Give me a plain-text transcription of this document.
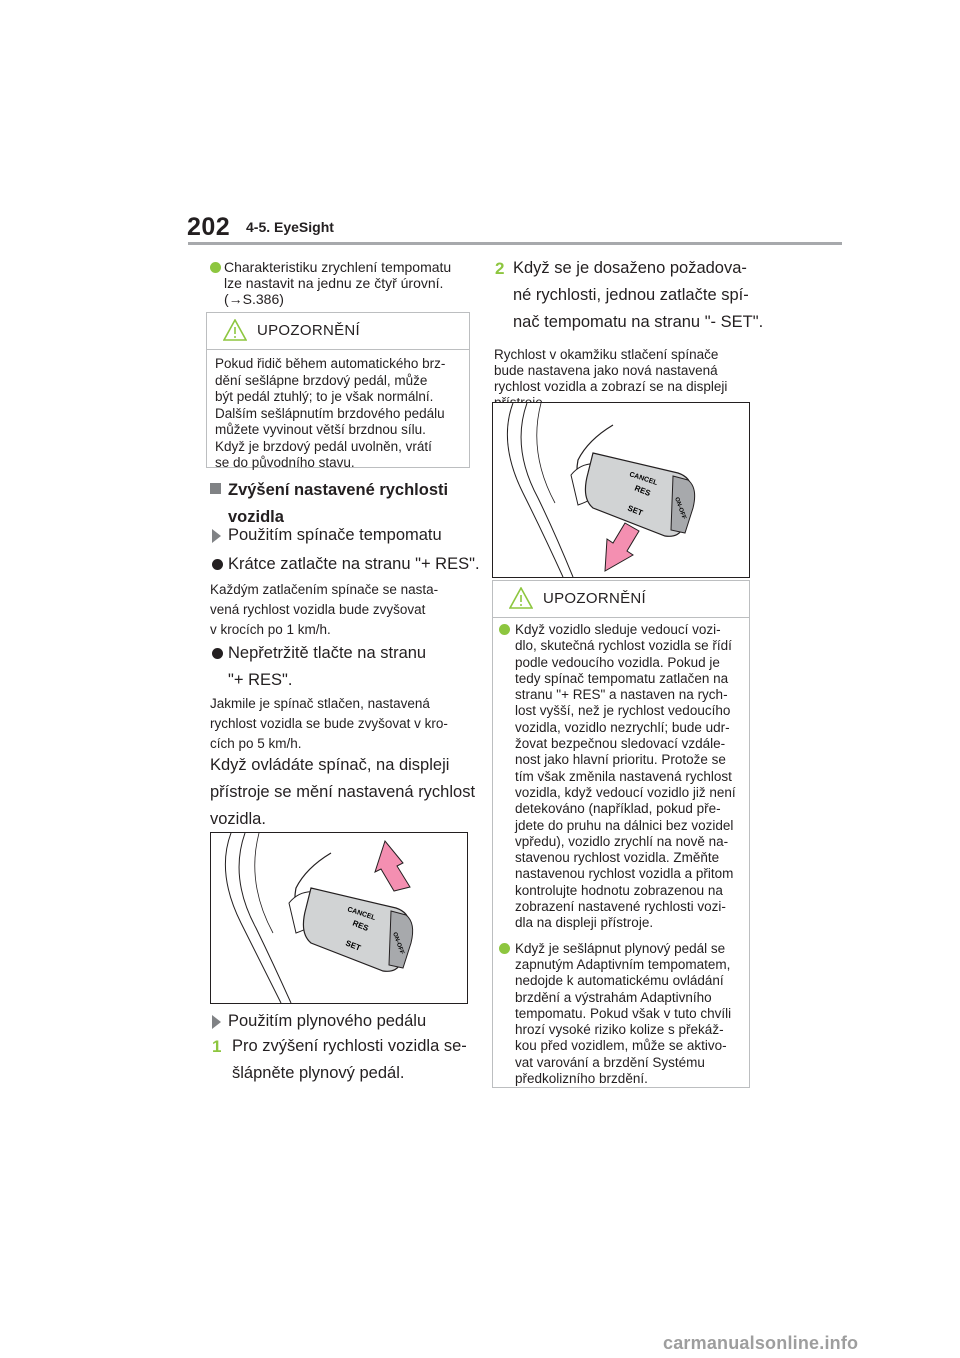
202 4-5. EyeSight
Charakteristiku zrychlení tempomatu lze nastavit na jednu ze čtyř úrovní.
(→S.386)
UPOZORNĚNÍ
Pokud řidič během automatického brz-
dění sešlápne brzdový pedál, může
být pedál ztuhlý; to je však normální.
Dalším sešlápnutím brzdového pedálu
můžete vyvinout větší brzdnou sílu.
Když je brzdový pedál uvolněn, vrátí
se do původního stavu.
Zvýšení nastavené rychlosti vozidla
Použitím spínače tempomatu
Krátce zatlačte na stranu "+ RES".
Každým zatlačením spínače se nasta-
vená rychlost vozidla bude zvyšovat
v krocích po 1 km/h.
Nepřetržitě tlačte na stranu
"+ RES".
Jakmile je spínač stlačen, nastavená
rychlost vozidla se bude zvyšovat v kro-
cích po 5 km/h.
Když ovládáte spínač, na displeji
přístroje se mění nastavená rychlost
vozidla.
CANCEL
RES
SET	ON-OFF
Použitím plynového pedálu
1 Pro zvýšení rychlosti vozidla se-
šlápněte plynový pedál.
2 Když se je dosaženo požadova-
né rychlosti, jednou zatlačte spí-
nač tempomatu na stranu "- SET".
Rychlost v okamžiku stlačení spínače
bude nastavena jako nová nastavená
rychlost vozidla a zobrazí se na displeji
CANCEL
RES
SET	ON-OFF
UPOZORNĚNÍ
Když vozidlo sleduje vedoucí vozi-
dlo, skutečná rychlost vozidla se řídí
podle vedoucího vozidla. Pokud je
tedy spínač tempomatu zatlačen na
stranu "+ RES" a nastaven na rych-
lost vyšší, než je rychlost vedoucího
vozidla, vozidlo nezrychlí; bude udr-
žovat bezpečnou sledovací vzdále-
nost jako hlavní prioritu. Protože se
tím však změnila nastavená rychlost
vozidla, když vedoucí vozidlo již není
detekováno (například, pokud pře-
jdete do pruhu na dálnici bez vozidel
vpředu), vozidlo zrychlí na nově na-
stavenou rychlost vozidla. Změňte
nastavenou rychlost vozidla a přitom
kontrolujte hodnotu zobrazenou na
zobrazení nastavené rychlosti vozi-
dla na displeji přístroje.
Když je sešlápnut plynový pedál se
zapnutým Adaptivním tempomatem,
nedojde k automatickému ovládání
brzdění a výstrahám Adaptivního
tempomatu. Pokud však v tuto chvíli
hrozí vysoké riziko kolize s překáž-
kou před vozidlem, může se aktivo-
vat varování a brzdění Systému
předkolizního brzdění.
carmanualsonline.info
